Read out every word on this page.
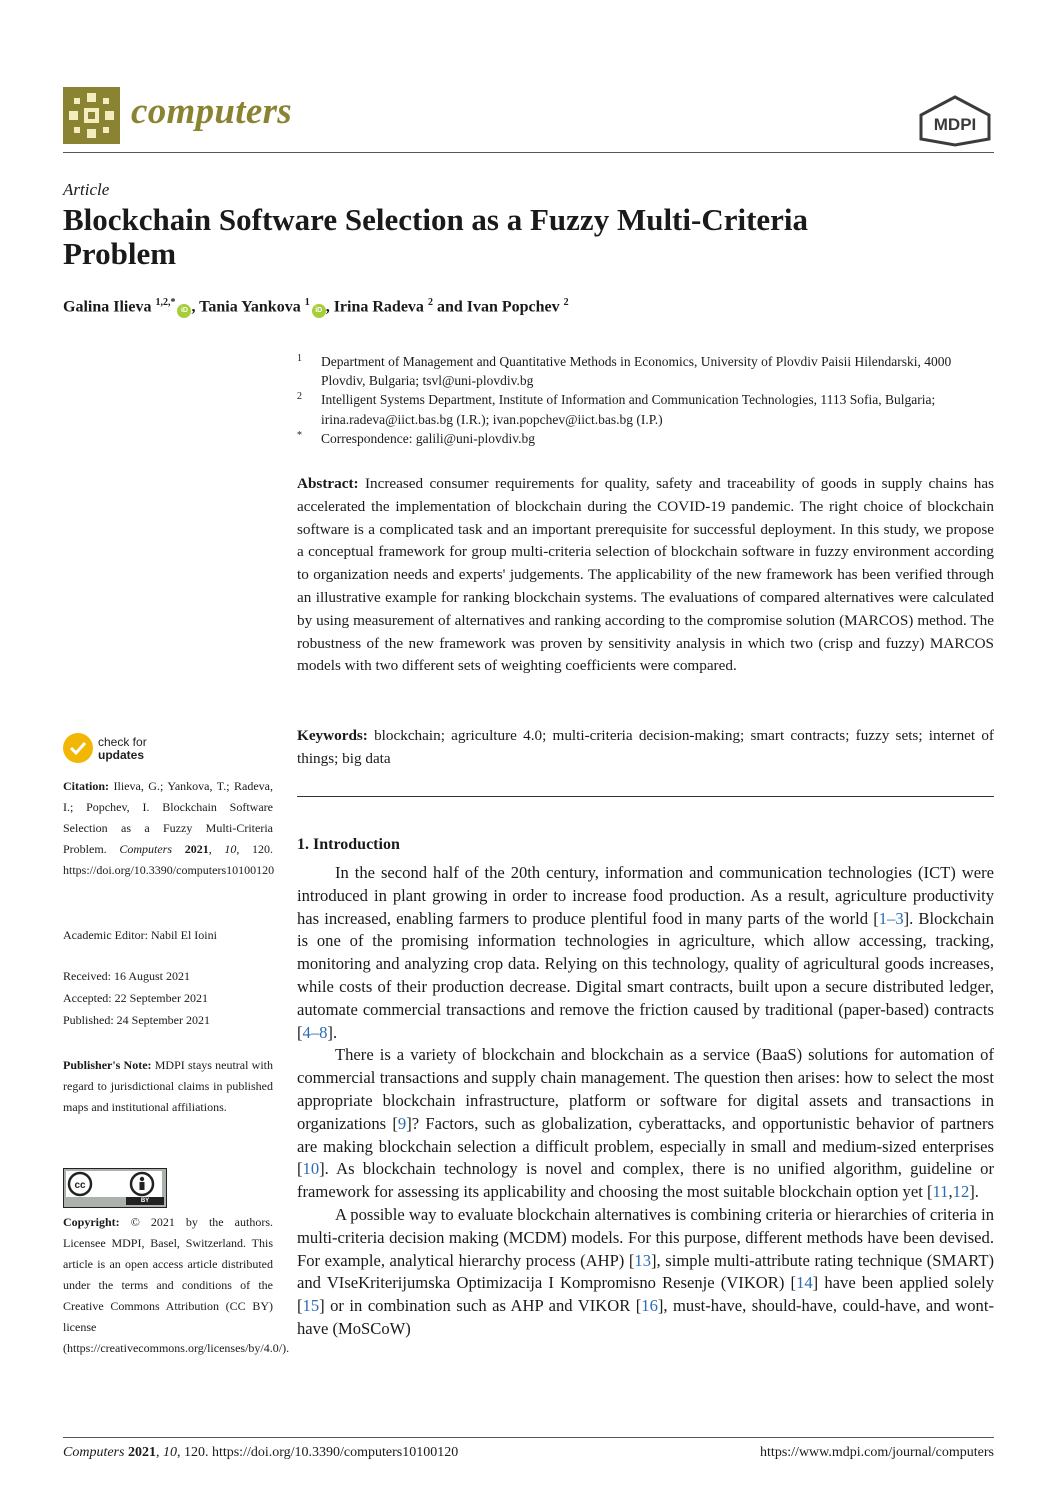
computers	MDPI
Article
Blockchain Software Selection as a Fuzzy Multi-Criteria Problem
Galina Ilieva $^{1,2,*}$iD , Tania Yankova $^1$iD , Irina Radeva $^2$ and Ivan Popchev $^2$
1 Department of Management and Quantitative Methods in Economics, University of Plovdiv Paisii Hilendarski, 4000 Plovdiv, Bulgaria; tsvl@uni-plovdiv.bg
2 Intelligent Systems Department, Institute of Information and Communication Technologies, 1113 Sofia, Bulgaria; irina.radeva@iict.bas.bg (I.R.); ivan.popchev@iict.bas.bg (I.P.)
* Correspondence: galili@uni-plovdiv.bg
Abstract: Increased consumer requirements for quality, safety and traceability of goods in supply chains has accelerated the implementation of blockchain during the COVID-19 pandemic. The right choice of blockchain software is a complicated task and an important prerequisite for successful deployment. In this study, we propose a conceptual framework for group multi-criteria selection of blockchain software in fuzzy environment according to organization needs and experts' judgements. The applicability of the new framework has been verified through an illustrative example for ranking blockchain systems. The evaluations of compared alternatives were calculated by using measurement of alternatives and ranking according to the compromise solution (MARCOS) method. The robustness of the new framework was proven by sensitivity analysis in which two (crisp and fuzzy) MARCOS models with two different sets of weighting coefficients were compared.
Keywords: blockchain; agriculture 4.0; multi-criteria decision-making; smart contracts; fuzzy sets; internet of things; big data
1. Introduction

In the second half of the 20th century, information and communication technologies (ICT) were introduced in plant growing in order to increase food production. As a result, agriculture productivity has increased, enabling farmers to produce plentiful food in many parts of the world [1–3]. Blockchain is one of the promising information technologies in agriculture, which allow accessing, tracking, monitoring and analyzing crop data. Relying on this technology, quality of agricultural goods increases, while costs of their production decrease. Digital smart contracts, built upon a secure distributed ledger, automate commercial transactions and remove the friction caused by traditional (paper-based) contracts [4–8].

There is a variety of blockchain and blockchain as a service (BaaS) solutions for automation of commercial transactions and supply chain management. The question then arises: how to select the most appropriate blockchain infrastructure, platform or software for digital assets and transactions in organizations [9]? Factors, such as globalization, cyberattacks, and opportunistic behavior of partners are making blockchain selection a difficult problem, especially in small and medium-sized enterprises [10]. As blockchain technology is novel and complex, there is no unified algorithm, guideline or framework for assessing its applicability and choosing the most suitable blockchain option yet [11,12].

A possible way to evaluate blockchain alternatives is combining criteria or hierarchies of criteria in multi-criteria decision making (MCDM) models. For this purpose, different methods have been devised. For example, analytical hierarchy process (AHP) [13], simple multi-attribute rating technique (SMART) and VIseKriterijumska Optimizacija I Kompromisno Resenje (VIKOR) [14] have been applied solely [15] or in combination such as AHP and VIKOR [16], must-have, should-have, could-have, and wont-have (MoSCoW)

check for
updates
Citation: Ilieva, G.; Yankova, T.; Radeva, I.; Popchev, I. Blockchain Software Selection as a Fuzzy Multi-Criteria Problem. Computers 2021, 10, 120. https://doi.org/10.3390/computers10100120
Academic Editor: Nabil El Ioini
Received: 16 August 2021
Accepted: 22 September 2021
Published: 24 September 2021
Publisher's Note: MDPI stays neutral with regard to jurisdictional claims in published maps and institutional affiliations.
cc
BY
Copyright: © 2021 by the authors. Licensee MDPI, Basel, Switzerland. This article is an open access article distributed under the terms and conditions of the Creative Commons Attribution (CC BY) license (https://creativecommons.org/licenses/by/4.0/).
Computers 2021, 10, 120. https://doi.org/10.3390/computers10100120	https://www.mdpi.com/journal/computers
